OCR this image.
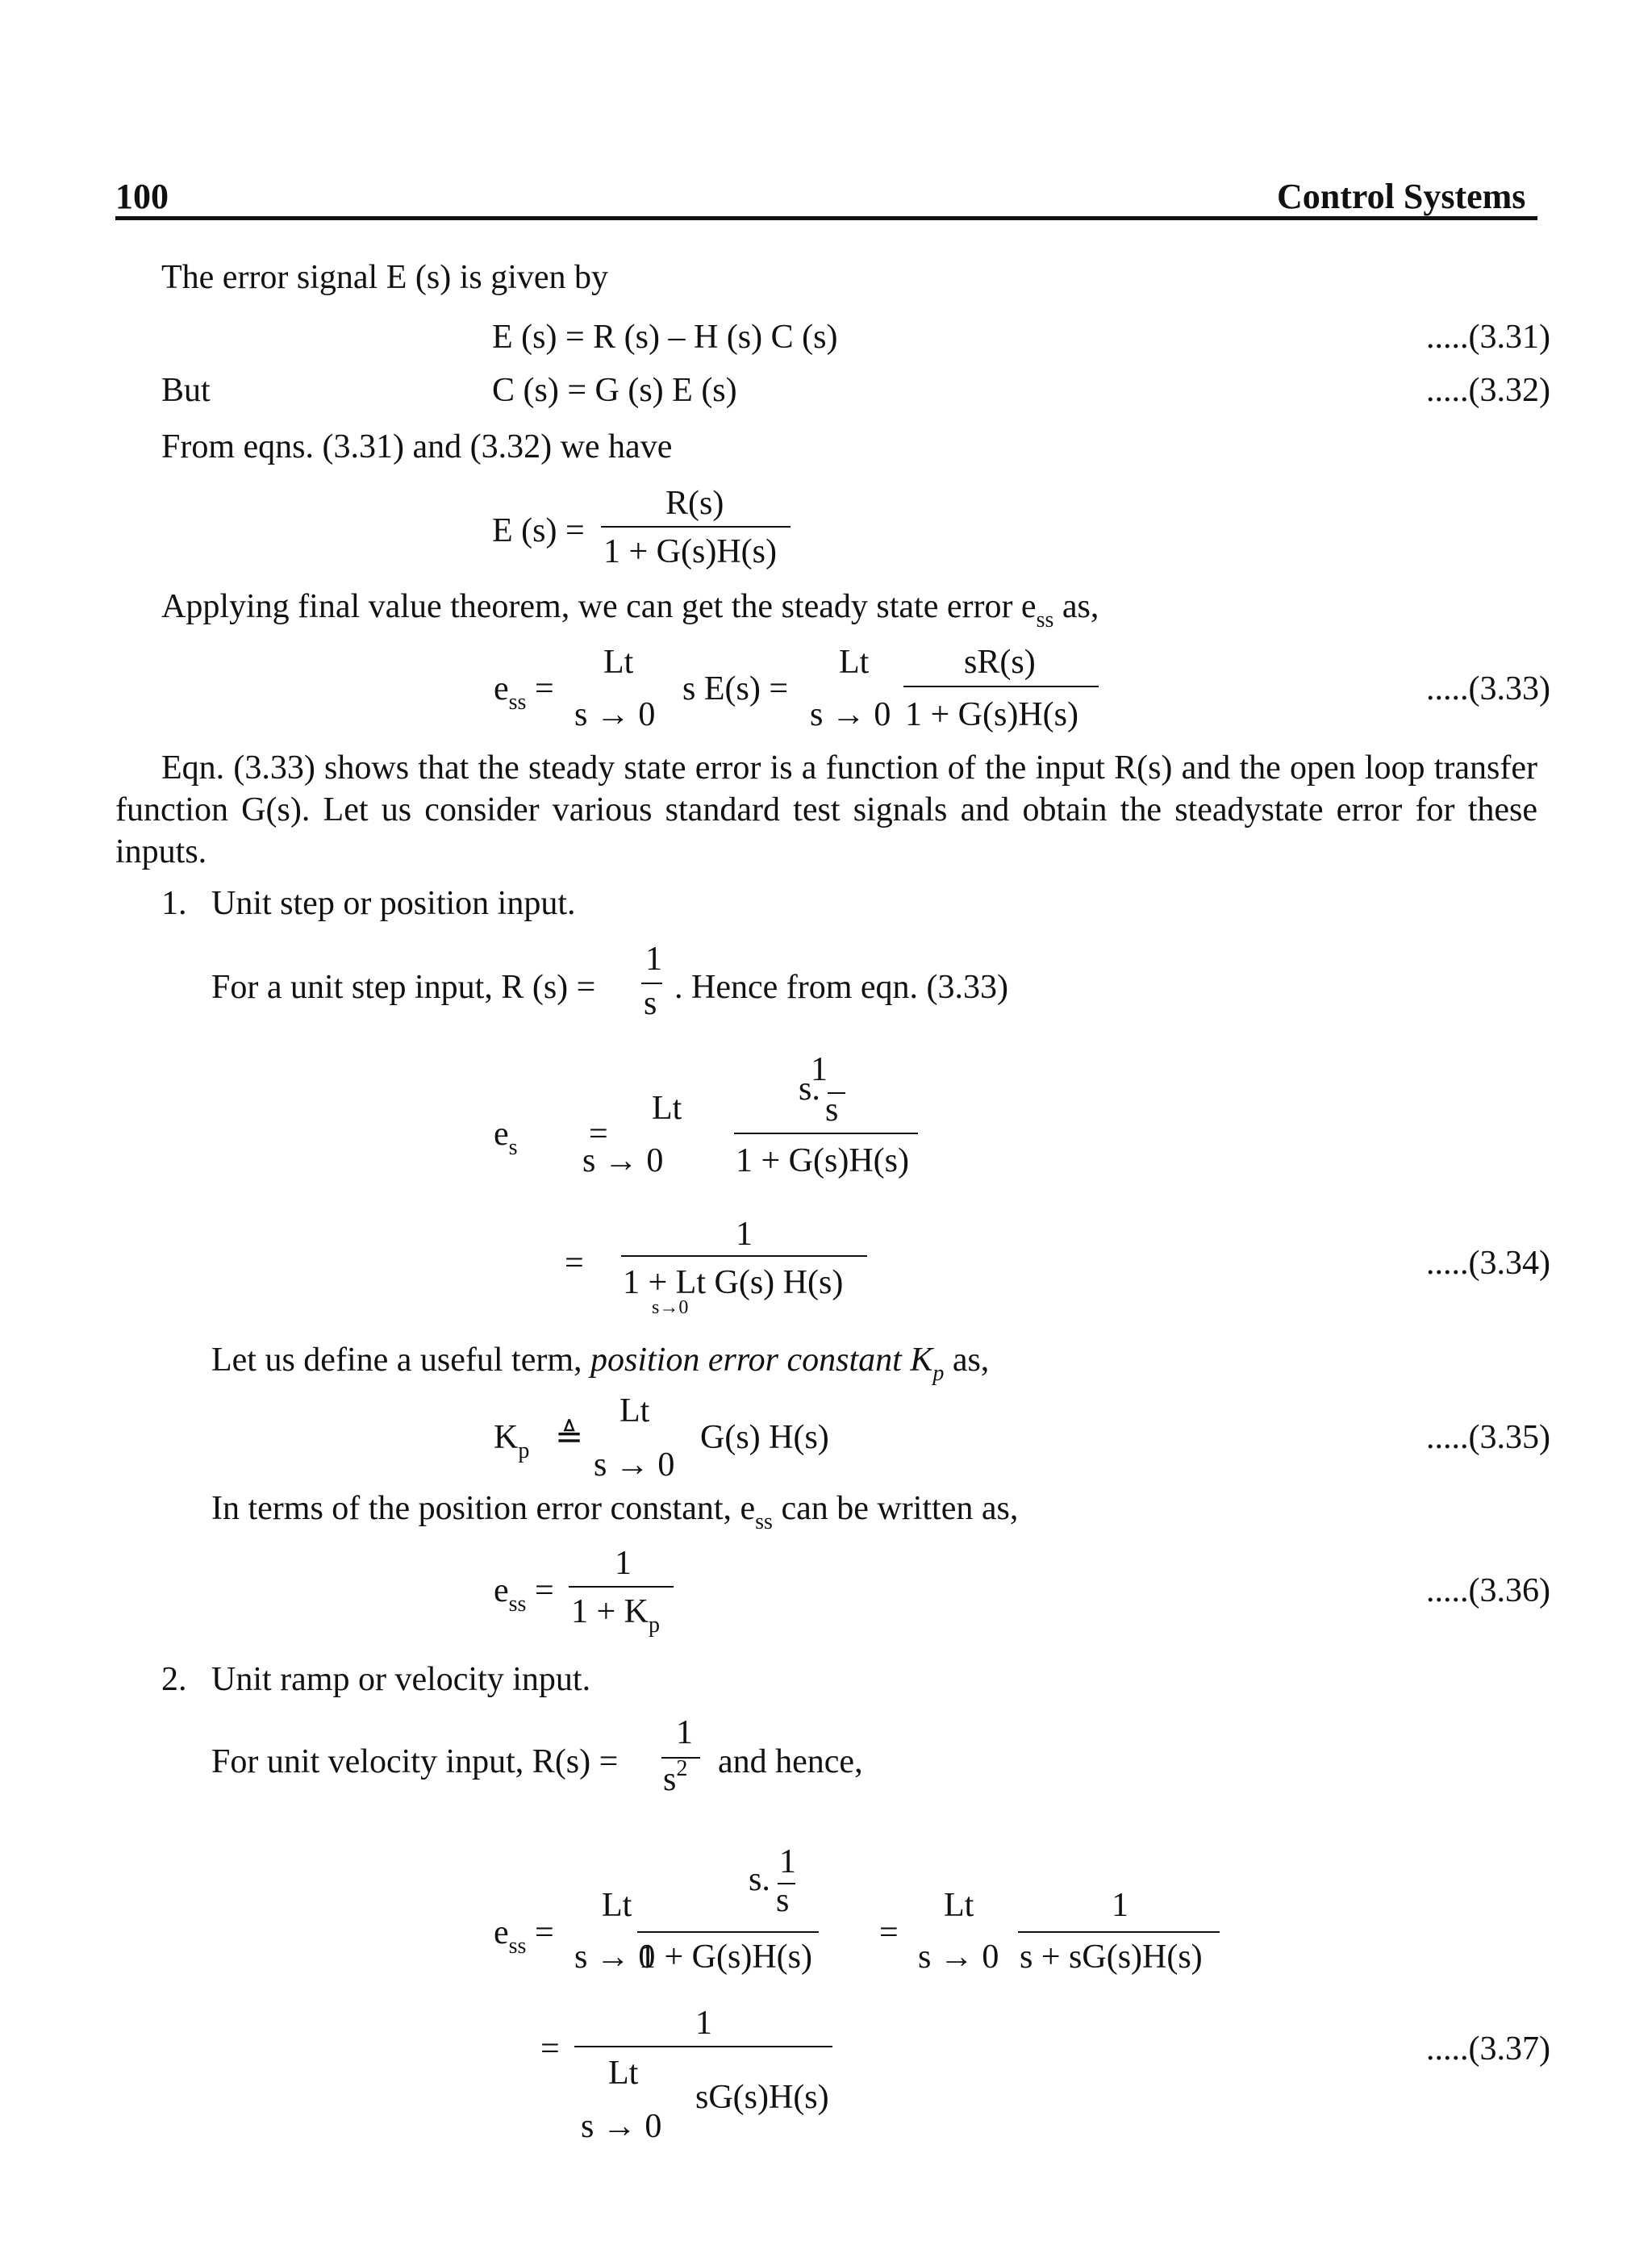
100	Control Systems
The error signal E (s) is given by
E (s) = R (s) – H (s) C (s)	.....(3.31)
But	C (s) = G (s) E (s)	.....(3.32)
From eqns. (3.31) and (3.32) we have
E (s) =
R(s)
1 + G(s)H(s)
Applying final value theorem, we can get the steady state error $e_{ss}$ as,
$e_{ss}$ =
Lt
s → 0
s E(s) =
Lt
s → 0
sR(s)
1 + G(s)H(s)
.....(3.33)
Eqn. (3.33) shows that the steady state error is a function of the input R(s) and the open loop transfer function G(s). Let us consider various standard test signals and obtain the steadystate error for these inputs.
1. Unit step or position input.
For a unit step input, R (s) =
1
s . Hence from eqn. (3.33)
$e_s$ =
Lt
s → 0
1
s.
s
1 + G(s)H(s)
=
1
1 + Lt G(s) H(s)
s→0
.....(3.34)
Let us define a useful term, position error constant $K_p$ as,
$K_p$ ≜
Lt
s → 0
G(s) H(s)	.....(3.35)
In terms of the position error constant, $e_{ss}$ can be written as,
$e_{ss}$ =
1
$1 + K_p$
.....(3.36)
2. Unit ramp or velocity input.
For unit velocity input, R(s) =
1
$s^2$ and hence,
$e_{ss}$ =
Lt
s → 0
1
s.
s
1 + G(s)H(s)
=
Lt
s → 0
1
s + sG(s)H(s)
=
1
Lt
s → 0
sG(s)H(s)
.....(3.37)
